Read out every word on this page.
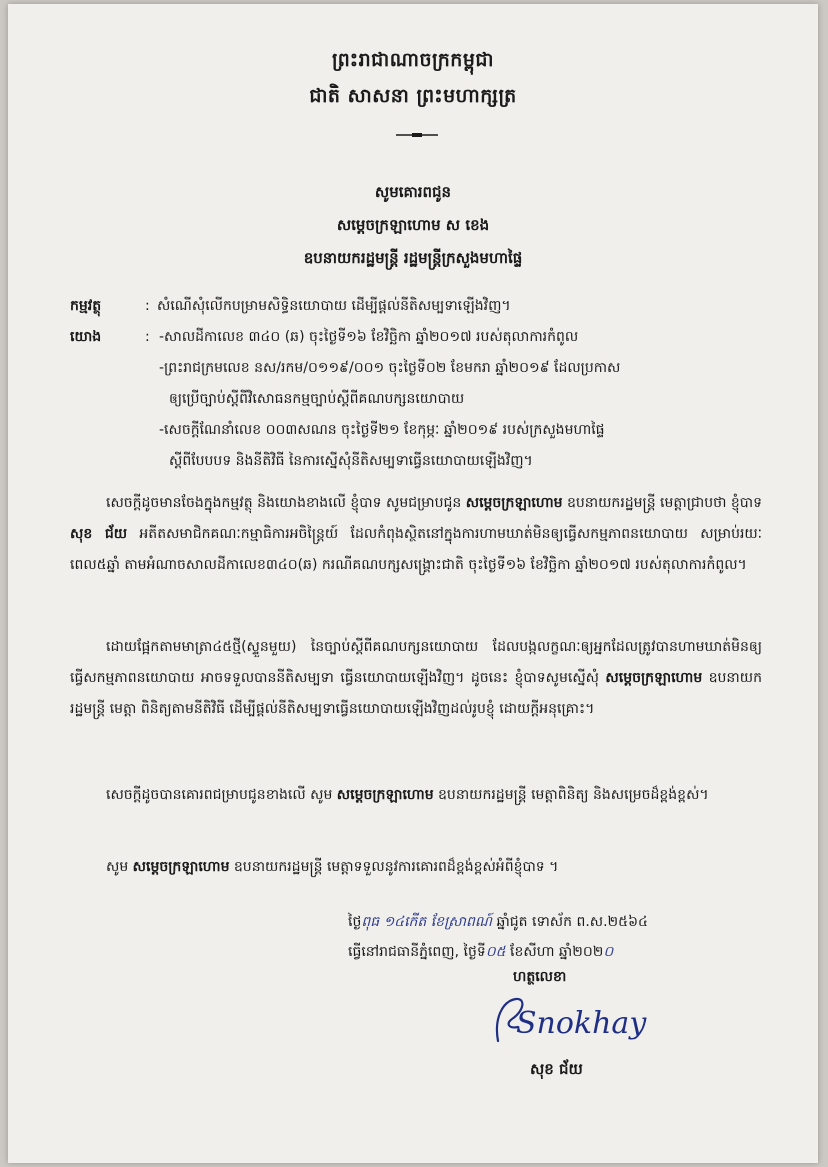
ព្រះរាជាណាចក្រកម្ពុជា
ជាតិ សាសនា ព្រះមហាក្សត្រ
សូមគោរពជូន
សម្តេចក្រឡាហោម ស ខេង
ឧបនាយករដ្ឋមន្ត្រី រដ្ឋមន្ត្រីក្រសួងមហាផ្ទៃ
កម្មវត្ថុ	: សំណើសុំលើកបម្រាមសិទ្ធិនយោបាយ ដើម្បីផ្តល់នីតិសម្បទាឡើងវិញ។
យោង	: -សាលដីកាលេខ ៣៤០ (ឆ) ចុះថ្ងៃទី១៦ ខែវិច្ឆិកា ឆ្នាំ២០១៧ របស់តុលាការកំពូល
-ព្រះរាជក្រមលេខ នស/រកម/០១១៩/០០១ ចុះថ្ងៃទី០២ ខែមករា ឆ្នាំ២០១៩ ដែលប្រកាស
ឲ្យប្រើច្បាប់ស្តីពីវិសោធនកម្មច្បាប់ស្តីពីគណបក្សនយោបាយ
-សេចក្តីណែនាំលេខ ០០៣សណន ចុះថ្ងៃទី២១ ខែកុម្ភៈ ឆ្នាំ២០១៩ របស់ក្រសួងមហាផ្ទៃ
ស្តីពីបែបបទ និងនីតិវិធី នៃការស្នើសុំនីតិសម្បទាធ្វើនយោបាយឡើងវិញ។
សេចក្តីដូចមានចែងក្នុងកម្មវត្ថុ និងយោងខាងលើ ខ្ញុំបាទ សូមជម្រាបជូន សម្តេចក្រឡាហោម ឧបនាយករដ្ឋមន្ត្រី មេត្តាជ្រាបថា ខ្ញុំបាទ សុខ ជ័យ អតីតសមាជិកគណៈកម្មាធិការអចិន្ត្រៃយ៍ ដែលកំពុងស្ថិតនៅក្នុងការហាមឃាត់មិនឲ្យធ្វើសកម្មភាពនយោបាយ សម្រាប់រយៈពេល៥ឆ្នាំ តាមអំណាចសាលដីកាលេខ៣៤០(ឆ) ករណីគណបក្សសង្គ្រោះជាតិ ចុះថ្ងៃទី១៦ ខែវិច្ឆិកា ឆ្នាំ២០១៧ របស់តុលាការកំពូល។
ដោយផ្អែកតាមមាត្រា៤៥ថ្មី(ស្ទួនមួយ) នៃច្បាប់ស្តីពីគណបក្សនយោបាយ ដែលបង្កលក្ខណៈឲ្យអ្នកដែលត្រូវបានហាមឃាត់មិនឲ្យធ្វើសកម្មភាពនយោបាយ អាចទទួលបាននីតិសម្បទា ធ្វើនយោបាយឡើងវិញ។ ដូចនេះ ខ្ញុំបាទសូមស្នើសុំ សម្តេចក្រឡាហោម ឧបនាយករដ្ឋមន្ត្រី មេត្តា ពិនិត្យតាមនីតិវិធី ដើម្បីផ្តល់នីតិសម្បទាធ្វើនយោបាយឡើងវិញដល់រូបខ្ញុំ ដោយក្តីអនុគ្រោះ។
សេចក្តីដូចបានគោរពជម្រាបជូនខាងលើ សូម សម្តេចក្រឡាហោម ឧបនាយករដ្ឋមន្ត្រី មេត្តាពិនិត្យ និងសម្រេចដ៏ខ្ពង់ខ្ពស់។
សូម សម្តេចក្រឡាហោម ឧបនាយករដ្ឋមន្ត្រី មេត្តាទទួលនូវការគោរពដ៏ខ្ពង់ខ្ពស់អំពីខ្ញុំបាទ ។
ថ្ងៃពុធ ១៤កើត ខែស្រាពណ៍ ឆ្នាំជូត ទោស័ក ព.ស.២៥៦៤
ធ្វើនៅរាជធានីភ្នំពេញ, ថ្ងៃទី០៥ ខែសីហា ឆ្នាំ២០២០
ហត្ថលេខា
Snokhay
សុខ ជ័យ
